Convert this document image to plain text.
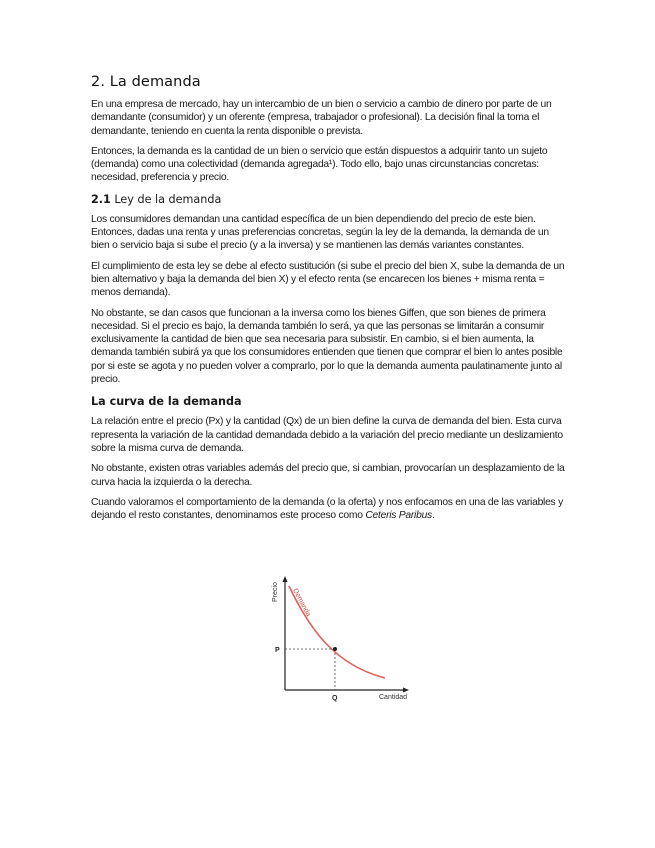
2. La demanda

En una empresa de mercado, hay un intercambio de un bien o servicio a cambio de dinero por parte de un demandante (consumidor) y un oferente (empresa, trabajador o profesional). La decisión final la toma el demandante, teniendo en cuenta la renta disponible o prevista.

Entonces, la demanda es la cantidad de un bien o servicio que están dispuestos a adquirir tanto un sujeto (demanda) como una colectividad (demanda agregada¹). Todo ello, bajo unas circunstancias concretas: necesidad, preferencia y precio.

2.1 Ley de la demanda

Los consumidores demandan una cantidad específica de un bien dependiendo del precio de este bien. Entonces, dadas una renta y unas preferencias concretas, según la ley de la demanda, la demanda de un bien o servicio baja si sube el precio (y a la inversa) y se mantienen las demás variantes constantes.

El cumplimiento de esta ley se debe al efecto sustitución (si sube el precio del bien X, sube la demanda de un bien alternativo y baja la demanda del bien X) y el efecto renta (se encarecen los bienes + misma renta = menos demanda).

No obstante, se dan casos que funcionan a la inversa como los bienes Giffen, que son bienes de primera necesidad. Si el precio es bajo, la demanda también lo será, ya que las personas se limitarán a consumir exclusivamente la cantidad de bien que sea necesaria para subsistir. En cambio, si el bien aumenta, la demanda también subirá ya que los consumidores entienden que tienen que comprar el bien lo antes posible por si este se agota y no pueden volver a comprarlo, por lo que la demanda aumenta paulatinamente junto al precio.

La curva de la demanda

La relación entre el precio (Px) y la cantidad (Qx) de un bien define la curva de demanda del bien. Esta curva representa la variación de la cantidad demandada debido a la variación del precio mediante un deslizamiento sobre la misma curva de demanda.

No obstante, existen otras variables además del precio que, si cambian, provocarían un desplazamiento de la curva hacia la izquierda o la derecha.

Cuando valoramos el comportamiento de la demanda (o la oferta) y nos enfocamos en una de las variables y dejando el resto constantes, denominamos este proceso como Ceteris Paribus.

Precio
Cantidad
Demanda
P
Q
